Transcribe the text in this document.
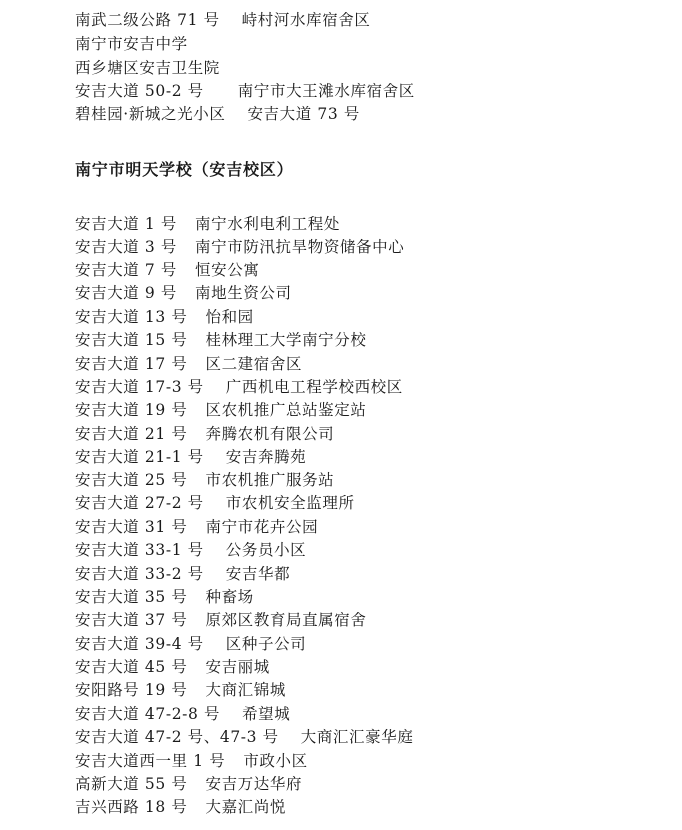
南武二级公路 71 号 峙村河水库宿舍区
南宁市安吉中学
西乡塘区安吉卫生院
安吉大道 50-2 号 南宁市大王滩水库宿舍区
碧桂园·新城之光小区 安吉大道 73 号
南宁市明天学校（安吉校区）
安吉大道 1 号 南宁水利电利工程处
安吉大道 3 号 南宁市防汛抗旱物资储备中心
安吉大道 7 号 恒安公寓
安吉大道 9 号 南地生资公司
安吉大道 13 号 怡和园
安吉大道 15 号 桂林理工大学南宁分校
安吉大道 17 号 区二建宿舍区
安吉大道 17-3 号 广西机电工程学校西校区
安吉大道 19 号 区农机推广总站鉴定站
安吉大道 21 号 奔腾农机有限公司
安吉大道 21-1 号 安吉奔腾苑
安吉大道 25 号 市农机推广服务站
安吉大道 27-2 号 市农机安全监理所
安吉大道 31 号 南宁市花卉公园
安吉大道 33-1 号 公务员小区
安吉大道 33-2 号 安吉华都
安吉大道 35 号 种畜场
安吉大道 37 号 原郊区教育局直属宿舍
安吉大道 39-4 号 区种子公司
安吉大道 45 号 安吉丽城
安阳路号 19 号 大商汇锦城
安吉大道 47-2-8 号 希望城
安吉大道 47-2 号、47-3 号 大商汇汇豪华庭
安吉大道西一里 1 号 市政小区
高新大道 55 号 安吉万达华府
吉兴西路 18 号 大嘉汇尚悦
